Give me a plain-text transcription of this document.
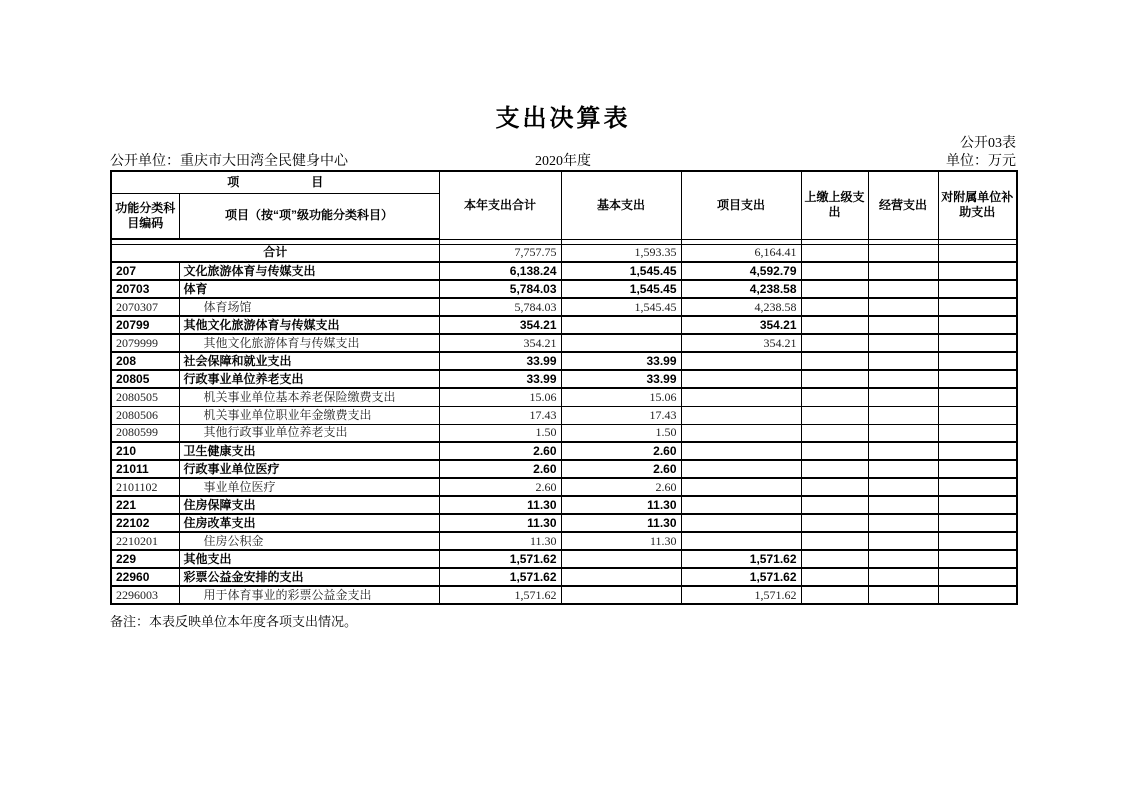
支出决算表
公开03表
公开单位：重庆市大田湾全民健身中心	2020年度	单位：万元
项　　　　　　目		本年支出合计	基本支出	项目支出	上缴上级支出	经营支出	对附属单位补助支出
功能分类科目编码	项目（按“项”级功能分类科目）						

合计		7,757.75	1,593.35	6,164.41			
207	文化旅游体育与传媒支出	6,138.24	1,545.45	4,592.79			
20703	体育	5,784.03	1,545.45	4,238.58			
2070307	体育场馆	5,784.03	1,545.45	4,238.58			
20799	其他文化旅游体育与传媒支出	354.21		354.21			
2079999	其他文化旅游体育与传媒支出	354.21		354.21			
208	社会保障和就业支出	33.99	33.99				
20805	行政事业单位养老支出	33.99	33.99				
2080505	机关事业单位基本养老保险缴费支出	15.06	15.06				
2080506	机关事业单位职业年金缴费支出	17.43	17.43				
2080599	其他行政事业单位养老支出	1.50	1.50				
210	卫生健康支出	2.60	2.60				
21011	行政事业单位医疗	2.60	2.60				
2101102	事业单位医疗	2.60	2.60				
221	住房保障支出	11.30	11.30				
22102	住房改革支出	11.30	11.30				
2210201	住房公积金	11.30	11.30				
229	其他支出	1,571.62		1,571.62			
22960	彩票公益金安排的支出	1,571.62		1,571.62			
2296003	用于体育事业的彩票公益金支出	1,571.62		1,571.62			
备注：本表反映单位本年度各项支出情况。
